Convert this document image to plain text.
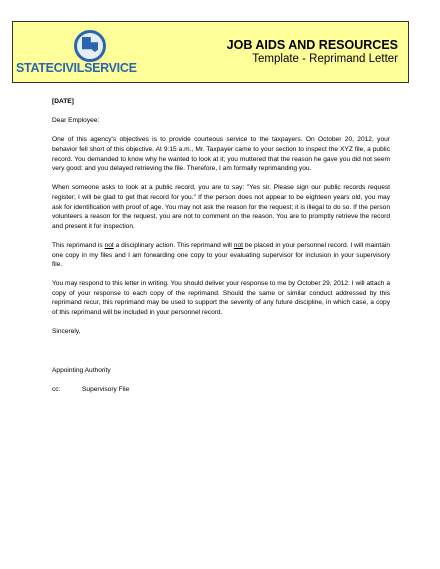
STATECIVILSERVICE
JOB AIDS AND RESOURCES
Template - Reprimand Letter

[DATE]

Dear Employee:

One of this agency's objectives is to provide courteous service to the taxpayers. On October 20, 2012, your behavior fell short of this objective. At 9:15 a.m., Mr. Taxpayer came to your section to inspect the XYZ file, a public record. You demanded to know why he wanted to look at it; you muttered that the reason he gave you did not seem very good; and you delayed retrieving the file. Therefore, I am formally reprimanding you.

When someone asks to look at a public record, you are to say: "Yes sir. Please sign our public records request register; I will be glad to get that record for you." If the person does not appear to be eighteen years old, you may ask for identification with proof of age. You may not ask the reason for the request; it is illegal to do so. If the person volunteers a reason for the request, you are not to comment on the reason. You are to promptly retrieve the record and present it for inspection.

This reprimand is not a disciplinary action. This reprimand will not be placed in your personnel record. I will maintain one copy in my files and I am forwarding one copy to your evaluating supervisor for inclusion in your supervisory file.

You may respond to this letter in writing. You should deliver your response to me by October 29, 2012. I will attach a copy of your response to each copy of the reprimand. Should the same or similar conduct addressed by this reprimand recur, this reprimand may be used to support the severity of any future discipline, in which case, a copy of this reprimand will be included in your personnel record.

Sincerely,

Appointing Authority

cc:	Supervisory File
